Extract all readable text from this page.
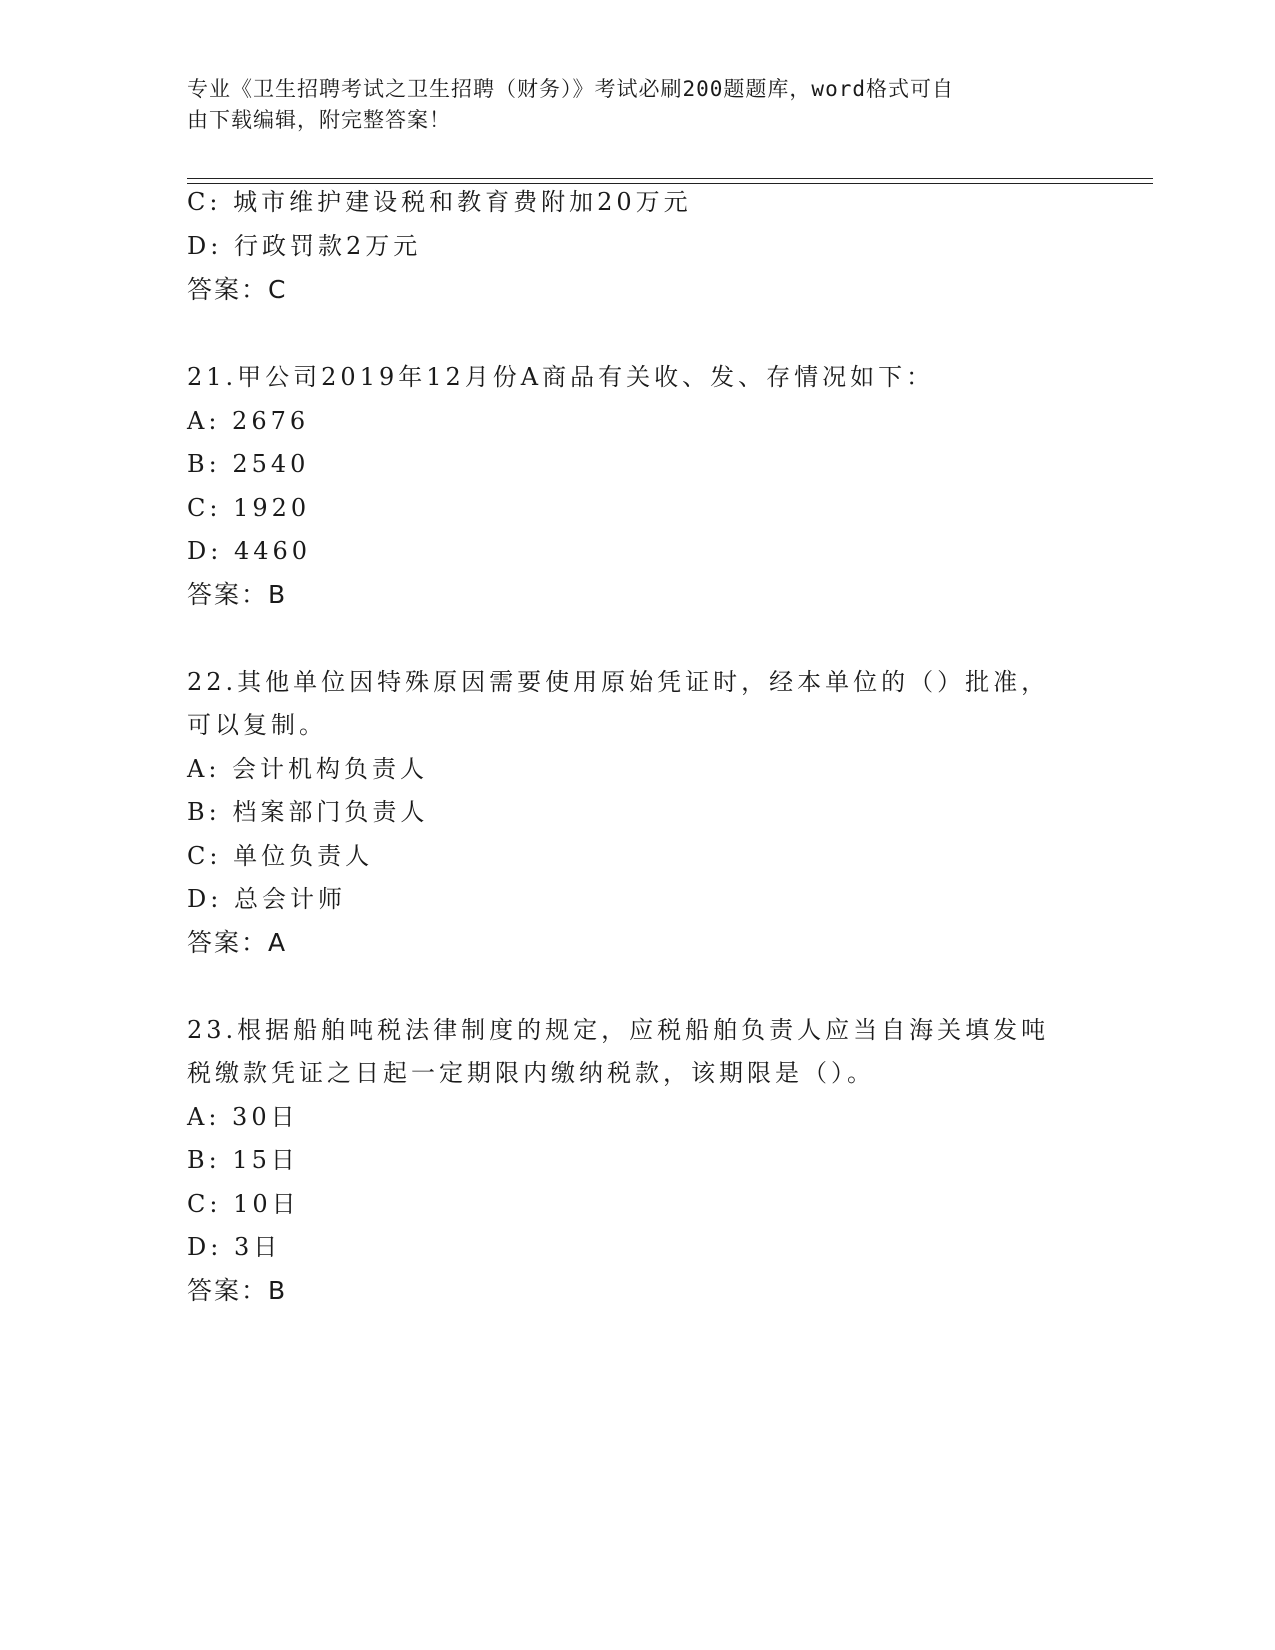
专业《卫生招聘考试之卫生招聘（财务）》考试必刷200题题库，word格式可自
由下载编辑，附完整答案！
C: 城市维护建设税和教育费附加20万元
D: 行政罚款2万元
答案：C
21.甲公司2019年12月份A商品有关收、发、存情况如下：
A: 2676
B: 2540
C: 1920
D: 4460
答案：B
22.其他单位因特殊原因需要使用原始凭证时，经本单位的（）批准，
可以复制。
A: 会计机构负责人
B: 档案部门负责人
C: 单位负责人
D: 总会计师
答案：A
23.根据船舶吨税法律制度的规定，应税船舶负责人应当自海关填发吨
税缴款凭证之日起一定期限内缴纳税款，该期限是（）。
A: 30日
B: 15日
C: 10日
D: 3日
答案：B
